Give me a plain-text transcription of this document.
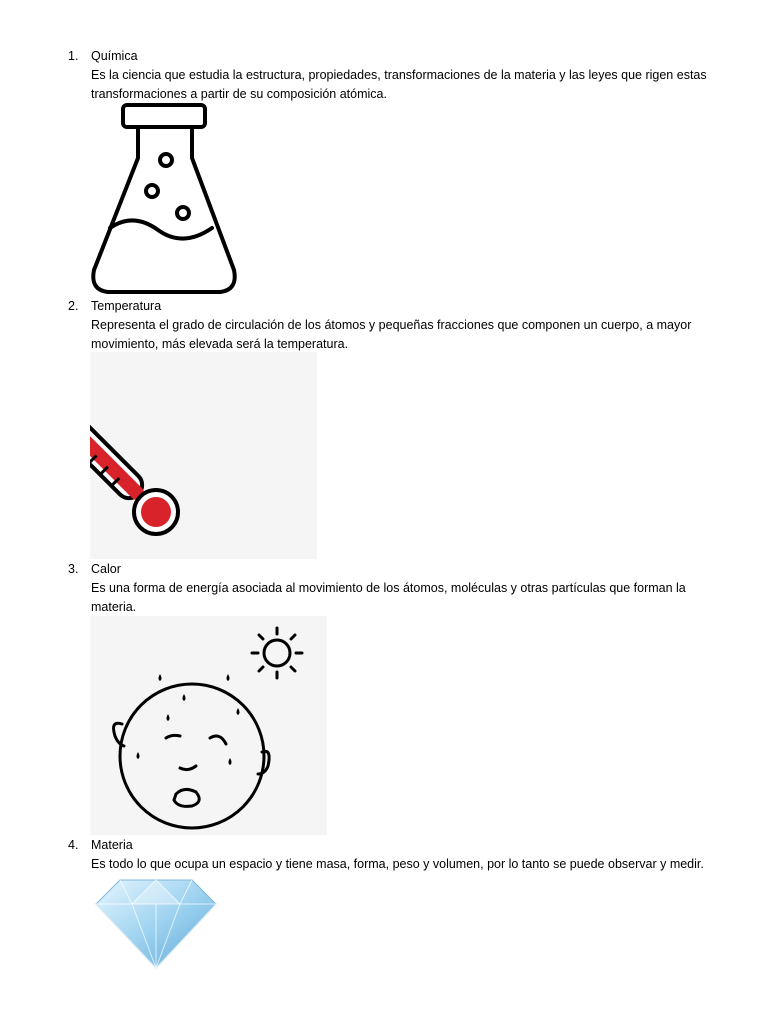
1. Química
Es la ciencia que estudia la estructura, propiedades, transformaciones de la materia y las leyes que rigen estas transformaciones a partir de su composición atómica.
2. Temperatura
Representa el grado de circulación de los átomos y pequeñas fracciones que componen un cuerpo, a mayor movimiento, más elevada será la temperatura.
3. Calor
Es una forma de energía asociada al movimiento de los átomos, moléculas y otras partículas que forman la materia.
4. Materia
Es todo lo que ocupa un espacio y tiene masa, forma, peso y volumen, por lo tanto se puede observar y medir.
